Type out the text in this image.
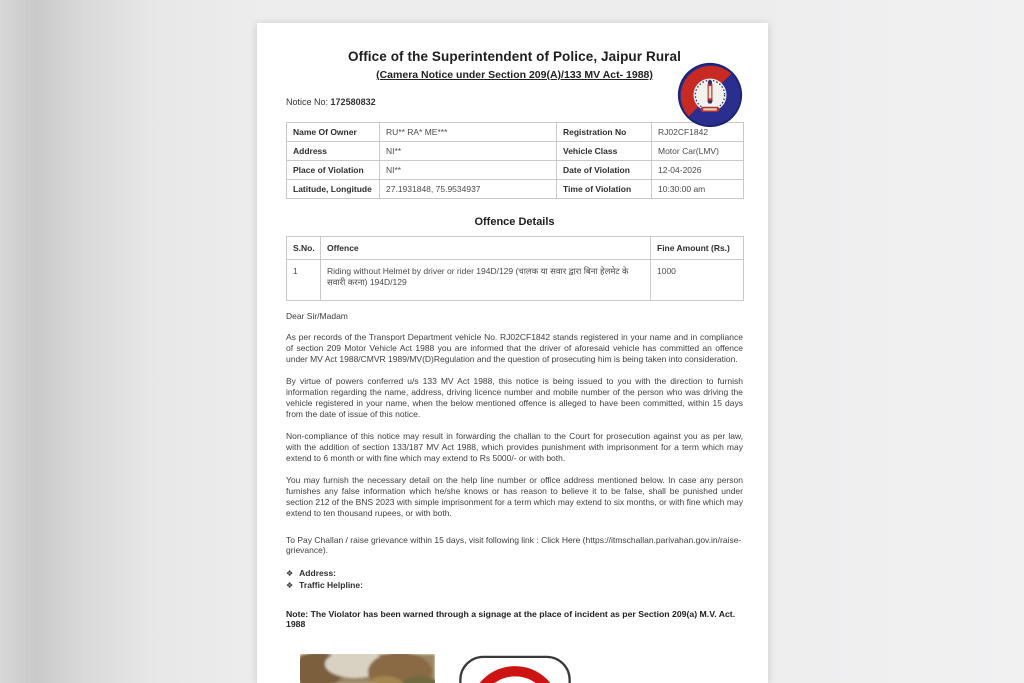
Office of the Superintendent of Police, Jaipur Rural
(Camera Notice under Section 209(A)/133 MV Act- 1988)
Notice No: 172580832
Name Of Owner	RU** RA* ME***	Registration No	RJ02CF1842
Address	NI**	Vehicle Class	Motor Car(LMV)
Place of Violation	NI**	Date of Violation	12-04-2026
Latitude, Longitude	27.1931848, 75.9534937	Time of Violation	10:30:00 am
Offence Details
S.No.	Offence	Fine Amount (Rs.)
1	Riding without Helmet by driver or rider 194D/129 (चालक या सवार द्वारा बिना हेलमेट के सवारी करना) 194D/129	1000
Dear Sir/Madam
As per records of the Transport Department vehicle No. RJ02CF1842 stands registered in your name and in compliance of section 209 Motor Vehicle Act 1988 you are informed that the driver of aforesaid vehicle has committed an offence under MV Act 1988/CMVR 1989/MV(D)Regulation and the question of prosecuting him is being taken into consideration.
By virtue of powers conferred u/s 133 MV Act 1988, this notice is being issued to you with the direction to furnish information regarding the name, address, driving licence number and mobile number of the person who was driving the vehicle registered in your name, when the below mentioned offence is alleged to have been committed, within 15 days from the date of issue of this notice.
Non-compliance of this notice may result in forwarding the challan to the Court for prosecution against you as per law, with the addition of section 133/187 MV Act 1988, which provides punishment with imprisonment for a term which may extend to 6 month or with fine which may extend to Rs 5000/- or with both.
You may furnish the necessary detail on the help line number or office address mentioned below. In case any person furnishes any false information which he/she knows or has reason to believe it to be false, shall be punished under section 212 of the BNS 2023 with simple imprisonment for a term which may extend to six months, or with fine which may extend to ten thousand rupees, or with both.
To Pay Challan / raise grievance within 15 days, visit following link : Click Here (https://itmschallan.parivahan.gov.in/raise-grievance).
❖ Address:
❖ Traffic Helpline:
Note: The Violator has been warned through a signage at the place of incident as per Section 209(a) M.V. Act. 1988
